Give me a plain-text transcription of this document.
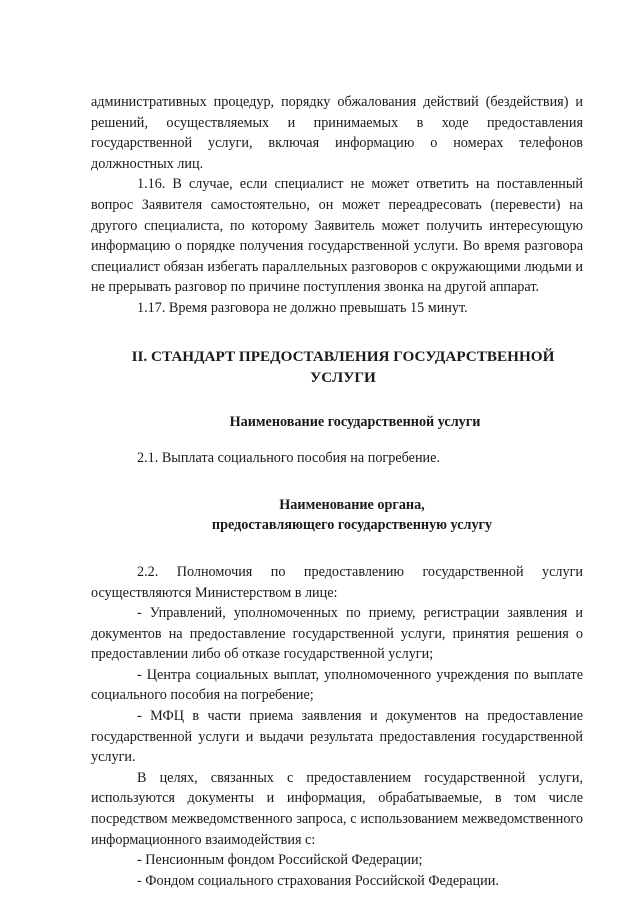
административных процедур, порядку обжалования действий (бездействия) и решений, осуществляемых и принимаемых в ходе предоставления государственной услуги, включая информацию о номерах телефонов должностных лиц.

1.16. В случае, если специалист не может ответить на поставленный вопрос Заявителя самостоятельно, он может переадресовать (перевести) на другого специалиста, по которому Заявитель может получить интересующую информацию о порядке получения государственной услуги. Во время разговора специалист обязан избегать параллельных разговоров с окружающими людьми и не прерывать разговор по причине поступления звонка на другой аппарат.

1.17. Время разговора не должно превышать 15 минут.

II. СТАНДАРТ ПРЕДОСТАВЛЕНИЯ ГОСУДАРСТВЕННОЙ УСЛУГИ

Наименование государственной услуги

2.1. Выплата социального пособия на погребение.

Наименование органа,
предоставляющего государственную услугу

2.2. Полномочия по предоставлению государственной услуги осуществляются Министерством в лице:

- Управлений, уполномоченных по приему, регистрации заявления и документов на предоставление государственной услуги, принятия решения о предоставлении либо об отказе государственной услуги;

- Центра социальных выплат, уполномоченного учреждения по выплате социального пособия на погребение;

- МФЦ в части приема заявления и документов на предоставление государственной услуги и выдачи результата предоставления государственной услуги.

В целях, связанных с предоставлением государственной услуги, используются документы и информация, обрабатываемые, в том числе посредством межведомственного запроса, с использованием межведомственного информационного взаимодействия с:

- Пенсионным фондом Российской Федерации;

- Фондом социального страхования Российской Федерации.
